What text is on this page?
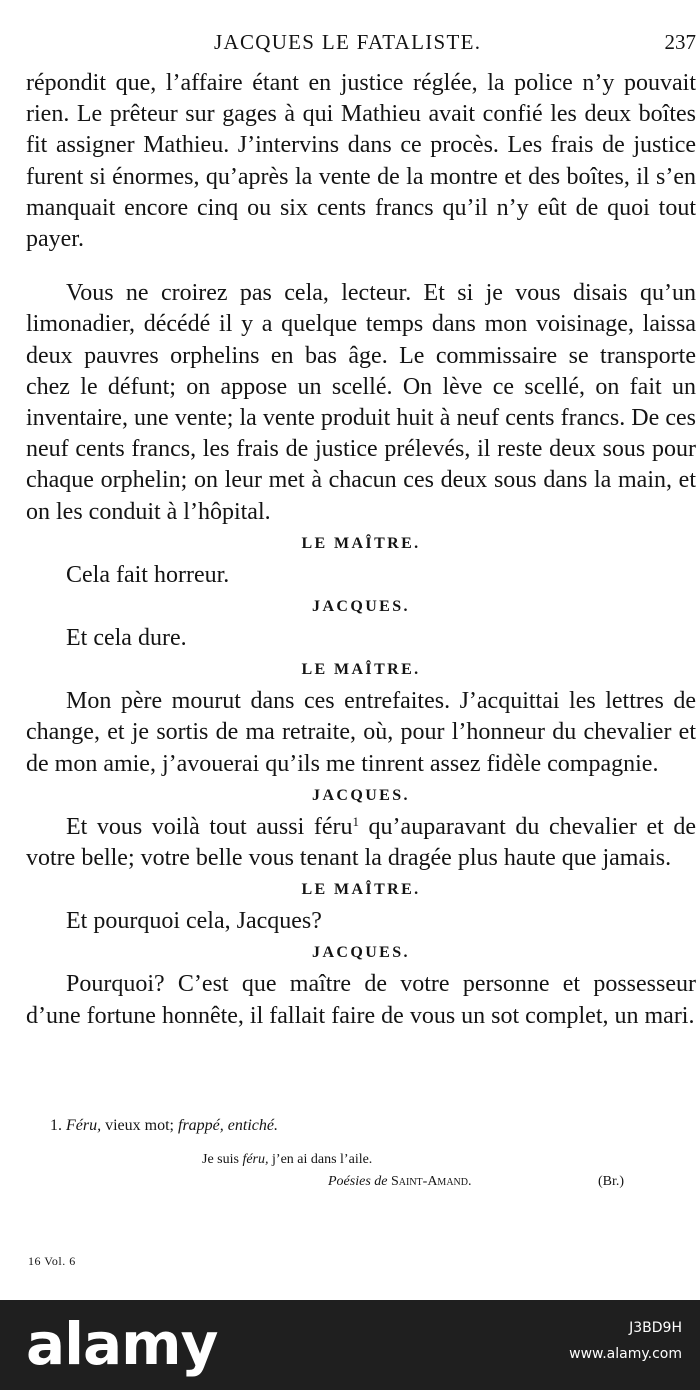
JACQUES LE FATALISTE.	237

répondit que, l’affaire étant en justice réglée, la police n’y pouvait rien. Le prêteur sur gages à qui Mathieu avait confié les deux boîtes fit assigner Mathieu. J’intervins dans ce procès. Les frais de justice furent si énormes, qu’après la vente de la montre et des boîtes, il s’en manquait encore cinq ou six cents francs qu’il n’y eût de quoi tout payer.

Vous ne croirez pas cela, lecteur. Et si je vous disais qu’un limonadier, décédé il y a quelque temps dans mon voisinage, laissa deux pauvres orphelins en bas âge. Le commissaire se transporte chez le défunt; on appose un scellé. On lève ce scellé, on fait un inventaire, une vente; la vente produit huit à neuf cents francs. De ces neuf cents francs, les frais de justice prélevés, il reste deux sous pour chaque orphelin; on leur met à chacun ces deux sous dans la main, et on les conduit à l’hôpital.

LE MAÎTRE.

Cela fait horreur.

JACQUES.

Et cela dure.

LE MAÎTRE.

Mon père mourut dans ces entrefaites. J’acquittai les lettres de change, et je sortis de ma retraite, où, pour l’honneur du chevalier et de mon amie, j’avouerai qu’ils me tinrent assez fidèle compagnie.

JACQUES.

Et vous voilà tout aussi féru$^1$ qu’auparavant du chevalier et de votre belle; votre belle vous tenant la dragée plus haute que jamais.

LE MAÎTRE.

Et pourquoi cela, Jacques?

JACQUES.

Pourquoi? C’est que maître de votre personne et possesseur d’une fortune honnête, il fallait faire de vous un sot complet, un mari.

1. Féru, vieux mot; frappé, entiché.

Je suis féru, j’en ai dans l’aile.
Poésies de Saint-Amand.	(Br.)
16 Vol. 6
alamy	J3BD9H
www.alamy.com
